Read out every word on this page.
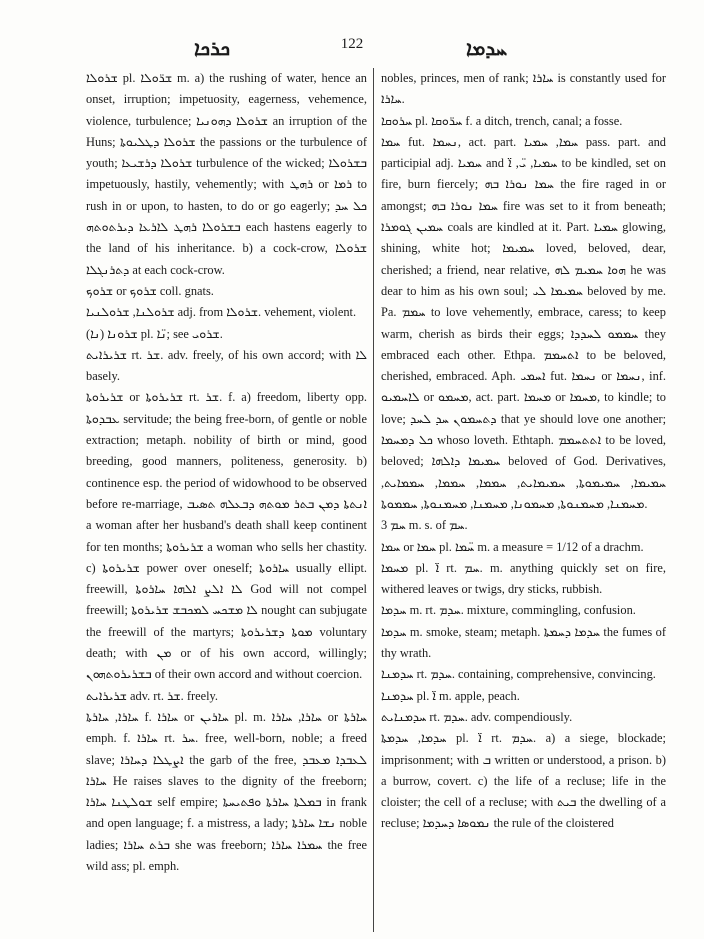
ܟܪܟܐ	122	ܚܕܡܐ

ܫܪܘܠܐ pl. ܫܪ̈ܘܠܐ m. a) the rushing of water, hence an onset, irruption; impetuosity, eagerness, vehemence, violence, turbulence; ܫܪܘܠܐ ܕܗܘܢܝܐ an irruption of the Huns; ܫܪܘܠܐ ܕܛܠܝܘܬܐ the passions or the turbulence of youth; ܫܪܘܠܐ ܕܪܫܝܥܐ turbulence of the wicked; ܒܫܪܘܠܐ impetuously, hastily, vehemently; with ܪܗܛ or ܪܡܐ to rush in or upon, to hasten, to do or go eagerly; ܟܠ ܚܕ ܒܫܪܘܠܐ ܪܗܛ ܠܐܪܥܐ ܕܝܪܬܘܬܗ each hastens eagerly to the land of his inheritance. b) a cock-crow, ܫܪܘܠܐ ܕܬܪܢܓܠܐ at each cock-crow.

ܫܪܘܟ or ܫܪܘܟ coll. gnats.

ܫܪܘܠܢܐ, ܫܪܘܠܢܝܐ adj. from ܫܪܘܠܐ. vehement, violent.

ܫܪܘܢܐ (ܢܐ) pl. ܢ̈ܐ; see ܫܪܘܝ.

ܫܪܝܪܐܝܬ rt. ܫܪ. adv. freely, of his own accord; with ܠܐ basely.

ܫܪܝܪܘܬܐ or ܫܪܝܪܘܬܐ rt. ܫܪ. f. a) freedom, liberty opp. ܥܒܕܘܬܐ servitude; the being free-born, of gentle or noble extraction; metaph. nobility of birth or mind, good breeding, good manners, politeness, generosity. b) continence esp. the period of widowhood to be observed before re-marriage, ܐܢܬܬܐ ܕܡܢ ܒܬܪ ܡܘܬܗ ܕܒܥܠܗ ܬܣܝܒ a woman after her husband's death shall keep continent for ten months; ܫܪܝܪܘܬܐ a woman who sells her chastity. c) ܫܪܝܪܘܬܐ power over oneself; ܚܐܪܘܬܐ usually ellipt. freewill, ܠܐ ܐܠܨ ܐܠܗܐ ܚܐܪܘܬܐ God will not compel freewill; ܠܐ ܡܫܟܚ ܠܡܟܒܫ ܫܪܝܪܘܬܐ nought can subjugate the freewill of the martyrs; ܡܘܬܐ ܕܫܪܝܪܘܬܐ voluntary death; with ܡܢ or of his own accord, willingly; ܒܫܪܝܪܘܬܗܘܢ of their own accord and without coercion.

ܫܪܝܪܐܝܬ adv. rt. ܫܪ. freely.

ܚܐܪܐ, ܚܐܪܬܐ f. ܚܐܪܐ or ܚܐܪܝܢ pl. m. ܚܐܪܐ, ܚܐܪܐ or ܚܐܪܬܐ emph. f. ܚܐܪܐ rt. ܚܪ. free, well-born, noble; a freed slave; ܐܨܛܠܐ ܕܚܐܪܐ the garb of the free, ܠܥܒܕܐ ܡܥܒܕ ܚܐܪܐ He raises slaves to the dignity of the freeborn; ܫܘܠܛܢܐ ܚܐܪܐ self empire; ܒܡܠܬܐ ܚܐܪܬܐ ܘܦܬܝܚܬܐ in frank and open language; f. a mistress, a lady; ܢܫܐ ܚܐܪܬܐ noble ladies; ܒܪܬ ܚܐܪܐ she was freeborn; ܚܡܪܐ ܚܐܪܐ the free wild ass; pl. emph.

nobles, princes, men of rank; ܚܐܪܐ is constantly used for ܚܐܪܐ.

ܚܪܘܩܐ pl. ܚܪ̈ܘܩܐ f. a ditch, trench, canal; a fosse.

ܚܡܐ fut. ܢܚܡܐ, act. part. ܚܡܐ, ܚܡܝܐ pass. part. and participial adj. ܚܡܝܐ and ܚܡܝܐ, ܝ̈, ܐ̈ to be kindled, set on fire, burn fiercely; ܚܡܐ ܢܘܪܐ ܒܗ the fire raged in or amongst; ܚܡܐ ܢܘܪܐ ܒܗ fire was set to it from beneath; ܚܡܝܢ ܓܘܡܪܐ coals are kindled at it. Part. ܚܡܝܐ glowing, shining, white hot; ܚܡܝܡܐ loved, beloved, dear, cherished; a friend, near relative, ܗܘܐ ܚܡܝܡ ܠܗ he was dear to him as his own soul; ܚܡܝܡܐ ܠܝ beloved by me. Pa. ܚܡܡ to love vehemently, embrace, caress; to keep warm, cherish as birds their eggs; ܚܡܡܘ ܠܚܕܕܐ they embraced each other. Ethpa. ܐܬܚܡܡ to be beloved, cherished, embraced. Aph. ܐܚܡܝ fut. ܢܚܡܐ or ܢܚܡܐ, inf. ܠܐܚܡܝܘ or ܡܚܡܘ, act. part. ܡܚܡܐ or ܡܚܡܐ, to kindle; to love; ܕܬܚܡܘܢ ܚܕ ܠܚܕ that ye should love one another; ܟܠ ܕܡܚܡܐ whoso loveth. Ethtaph. ܐܬܬܚܡܡ to be loved, beloved; ܚܡܝܡܐ ܕܐܠܗܐ beloved of God. Derivatives, ܚܡܝܡܐ, ܚܡܝܡܘܬܐ, ܚܡܝܡܐܝܬ, ܚܡܡܐ, ܚܡܡܐ, ܚܡܡܐܝܬ, ܡܚܡܢܐ, ܡܚܡܢܘܬܐ, ܡܚܡܘܢܐ, ܡܚܡܢܐ, ܡܚܡܢܘܬܐ, ܚܡܡܘܬܐ.

ܚܡ 3 m. s. of ܚܡ.

ܚܡܐ or ܚܡܐ pl. ܚ̈ܡܐ m. a measure = 1/12 of a drachm.

ܡܚܡܐ pl. ܐ̈ rt. ܚܡ. m. anything quickly set on fire, withered leaves or twigs, dry sticks, rubbish.

ܚܕܡܐ m. rt. ܚܕܡ. mixture, commingling, confusion.

ܚܕܡܐ m. smoke, steam; metaph. ܚܕܡܐ ܕܚܡܬܐ the fumes of thy wrath.

ܚܕܡܢܐ rt. ܚܕܡ. containing, comprehensive, convincing.

ܚܕܡܢܐ pl. ܐ̈ m. apple, peach.

ܚܕܡܢܐܝܬ rt. ܚܕܡ. adv. compendiously.

ܚܕܡܐ, ܚܕܡܬܐ pl. ܐ̈ rt. ܚܕܡ. a) a siege, blockade; imprisonment; with ܒ written or understood, a prison. b) a burrow, covert. c) the life of a recluse; life in the cloister; the cell of a recluse; with ܒܝܬ the dwelling of a recluse; ܢܡܘܣܐ ܕܚܕܡܐ the rule of the cloistered
